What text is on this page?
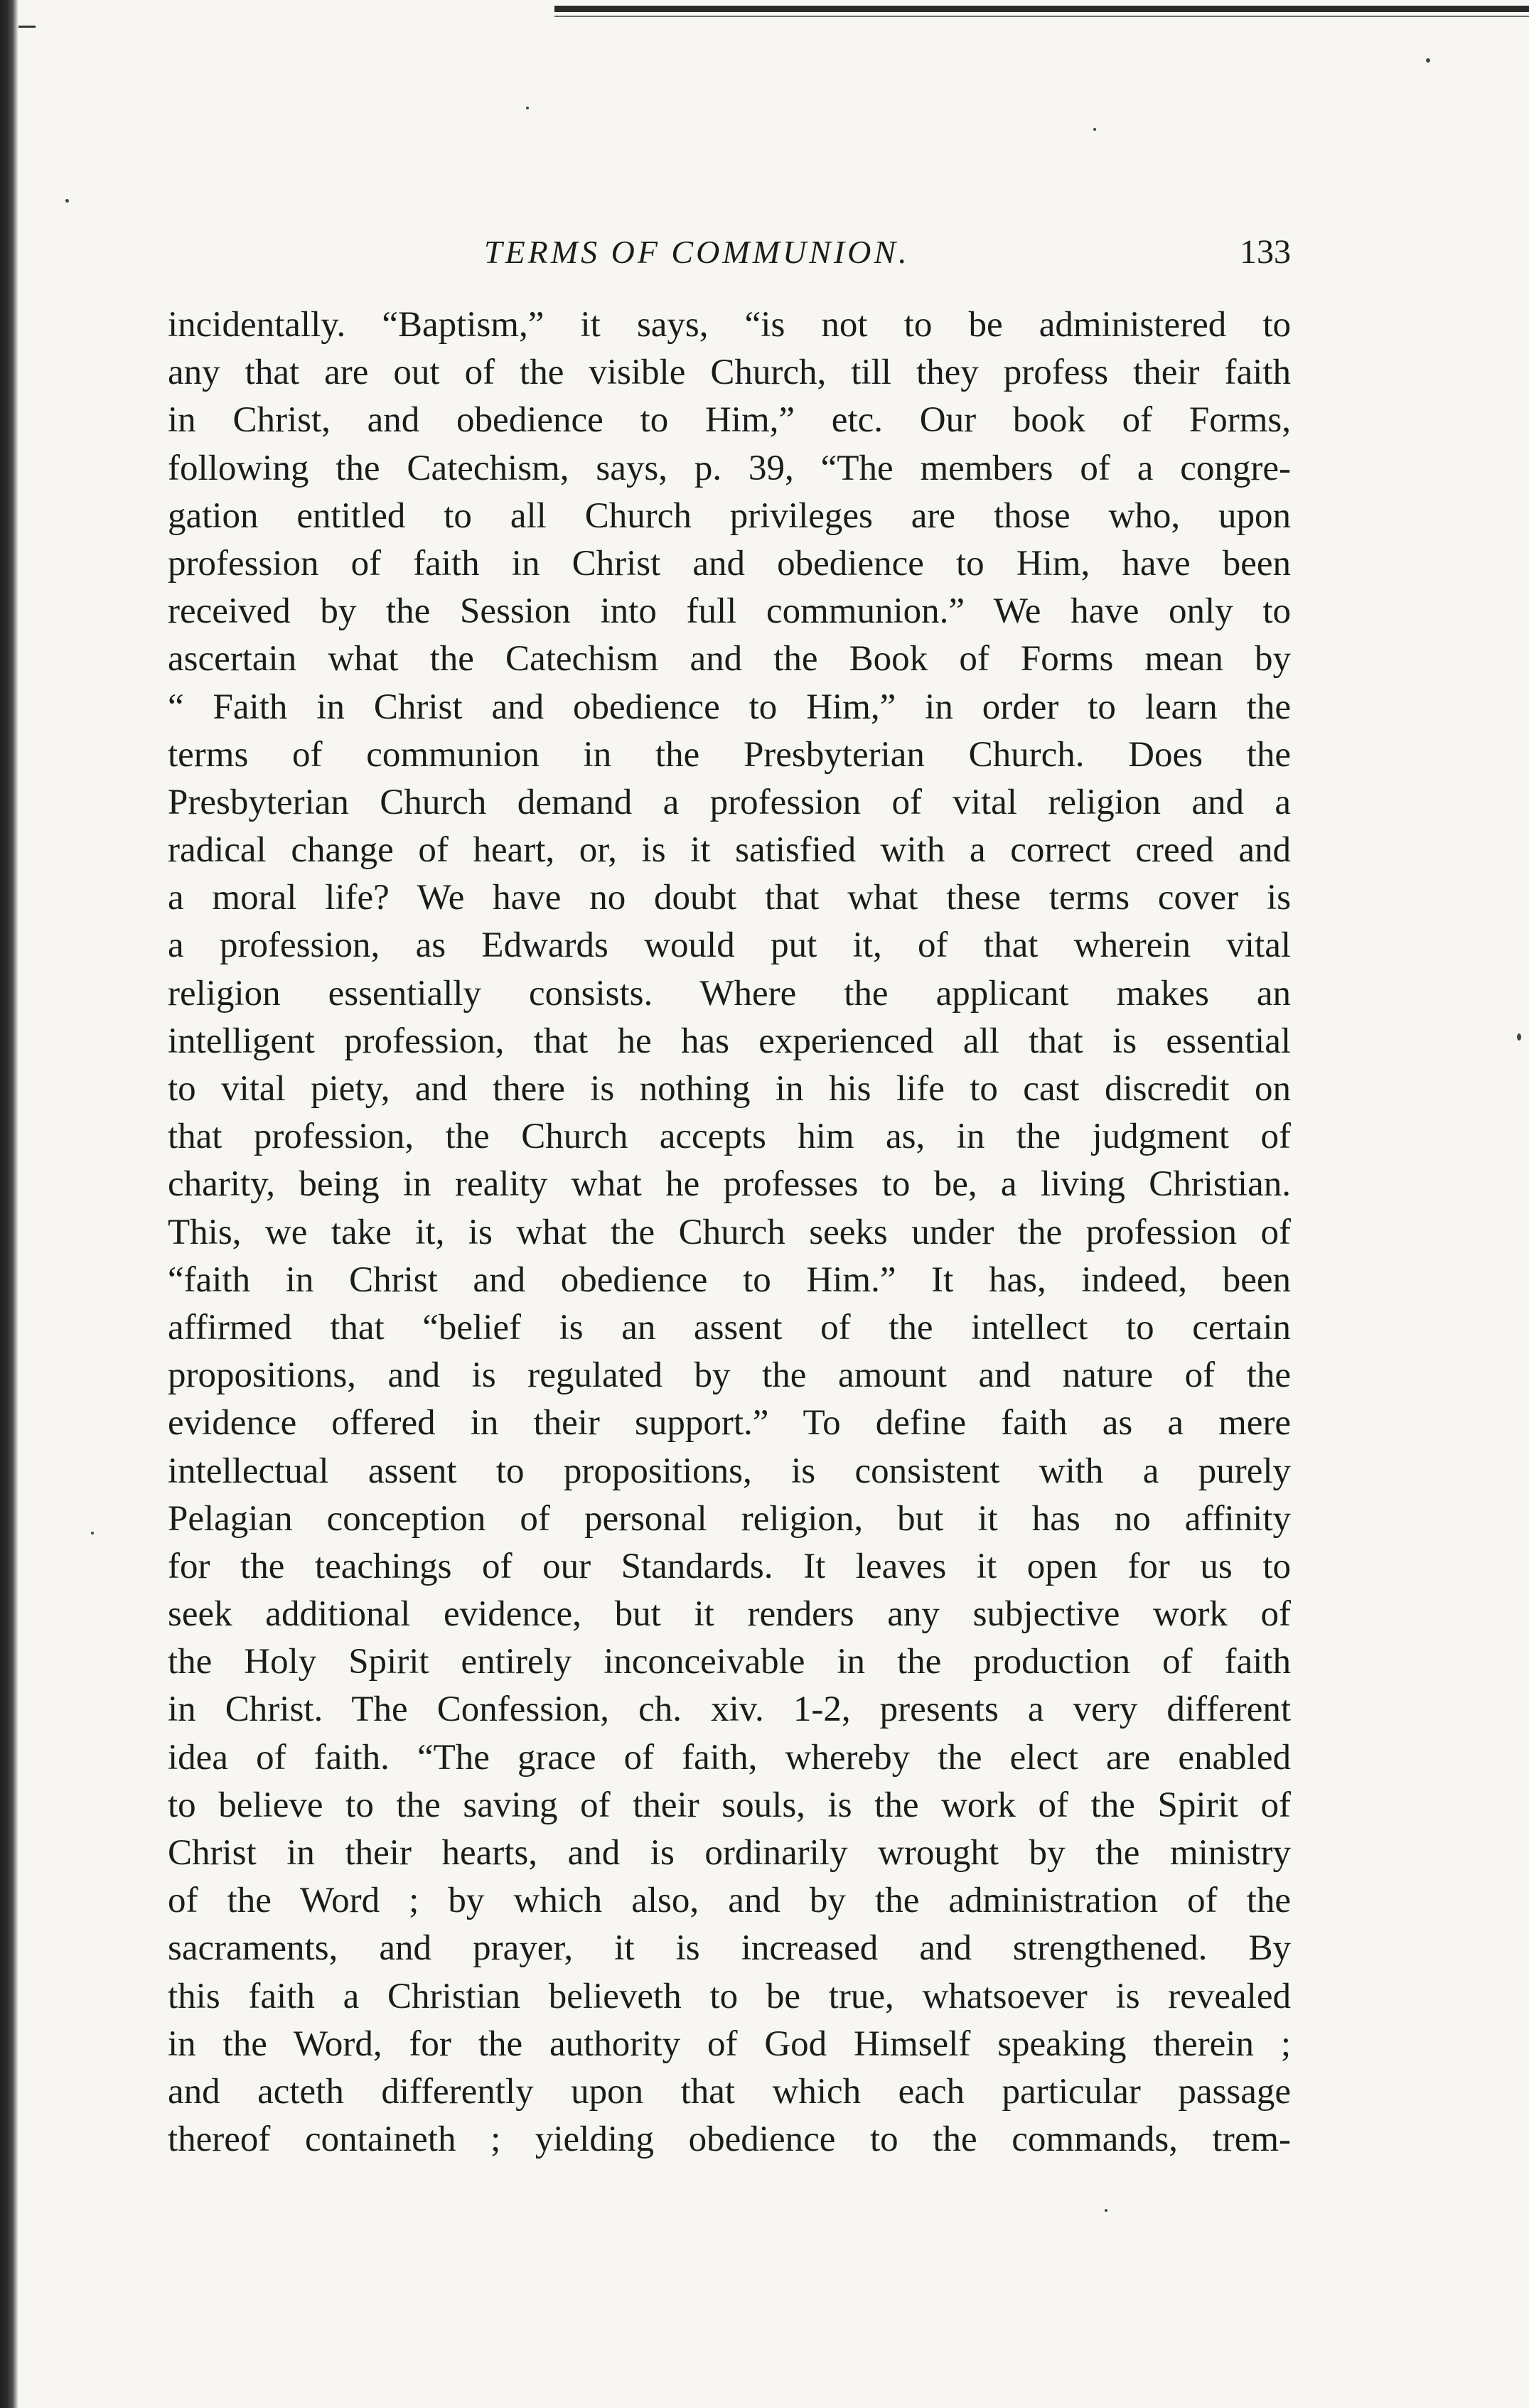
TERMS OF COMMUNION.	133
incidentally. “Baptism,” it says, “is not to be administered to
any that are out of the visible Church, till they profess their faith
in Christ, and obedience to Him,” etc. Our book of Forms,
following the Catechism, says, p. 39, “The members of a congre-
gation entitled to all Church privileges are those who, upon
profession of faith in Christ and obedience to Him, have been
received by the Session into full communion.” We have only to
ascertain what the Catechism and the Book of Forms mean by
“ Faith in Christ and obedience to Him,” in order to learn the
terms of communion in the Presbyterian Church. Does the
Presbyterian Church demand a profession of vital religion and a
radical change of heart, or, is it satisfied with a correct creed and
a moral life? We have no doubt that what these terms cover is
a profession, as Edwards would put it, of that wherein vital
religion essentially consists. Where the applicant makes an
intelligent profession, that he has experienced all that is essential
to vital piety, and there is nothing in his life to cast discredit on
that profession, the Church accepts him as, in the judgment of
charity, being in reality what he professes to be, a living Christian.
This, we take it, is what the Church seeks under the profession of
“faith in Christ and obedience to Him.” It has, indeed, been
affirmed that “belief is an assent of the intellect to certain
propositions, and is regulated by the amount and nature of the
evidence offered in their support.” To define faith as a mere
intellectual assent to propositions, is consistent with a purely
Pelagian conception of personal religion, but it has no affinity
for the teachings of our Standards. It leaves it open for us to
seek additional evidence, but it renders any subjective work of
the Holy Spirit entirely inconceivable in the production of faith
in Christ. The Confession, ch. xiv. 1-2, presents a very different
idea of faith. “The grace of faith, whereby the elect are enabled
to believe to the saving of their souls, is the work of the Spirit of
Christ in their hearts, and is ordinarily wrought by the ministry
of the Word ; by which also, and by the administration of the
sacraments, and prayer, it is increased and strengthened. By
this faith a Christian believeth to be true, whatsoever is revealed
in the Word, for the authority of God Himself speaking therein ;
and acteth differently upon that which each particular passage
thereof containeth ; yielding obedience to the commands, trem-
